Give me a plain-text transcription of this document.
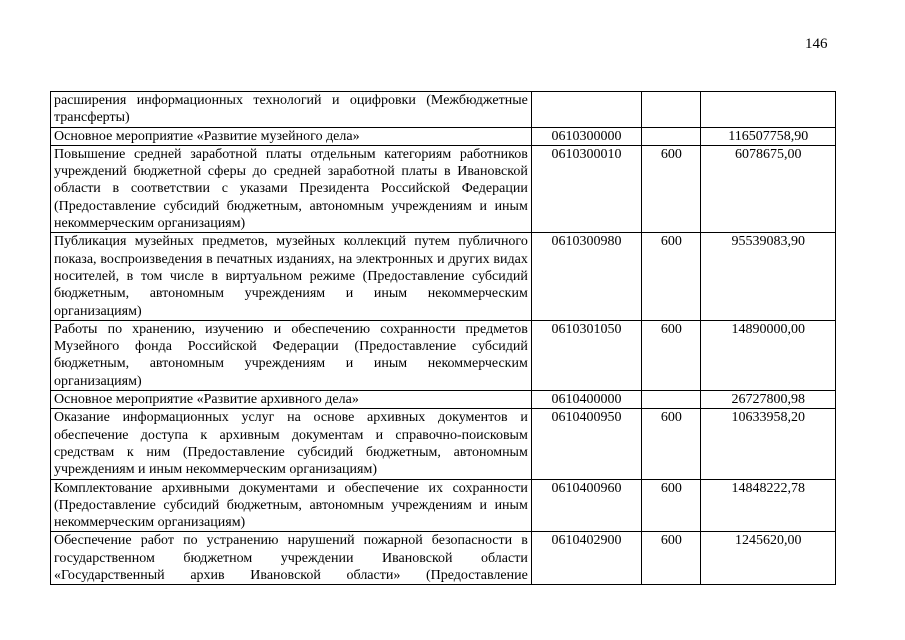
146
расширения информационных технологий и оцифровки (Межбюджетные трансферты)			
Основное мероприятие «Развитие музейного дела»	0610300000		116507758,90
Повышение средней заработной платы отдельным категориям работников учреждений бюджетной сферы до средней заработной платы в Ивановской области в соответствии с указами Президента Российской Федерации (Предоставление субсидий бюджетным, автономным учреждениям и иным некоммерческим организациям)	0610300010	600	6078675,00
Публикация музейных предметов, музейных коллекций путем публичного показа, воспроизведения в печатных изданиях, на электронных и других видах носителей, в том числе в виртуальном режиме (Предоставление субсидий бюджетным, автономным учреждениям и иным некоммерческим организациям)	0610300980	600	95539083,90
Работы по хранению, изучению и обеспечению сохранности предметов Музейного фонда Российской Федерации (Предоставление субсидий бюджетным, автономным учреждениям и иным некоммерческим организациям)	0610301050	600	14890000,00
Основное мероприятие «Развитие архивного дела»	0610400000		26727800,98
Оказание информационных услуг на основе архивных документов и обеспечение доступа к архивным документам и справочно-поисковым средствам к ним (Предоставление субсидий бюджетным, автономным учреждениям и иным некоммерческим организациям)	0610400950	600	10633958,20
Комплектование архивными документами и обеспечение их сохранности (Предоставление субсидий бюджетным, автономным учреждениям и иным некоммерческим организациям)	0610400960	600	14848222,78
Обеспечение работ по устранению нарушений пожарной безопасности в государственном бюджетном учреждении Ивановской области «Государственный архив Ивановской области» (Предоставление	0610402900	600	1245620,00
